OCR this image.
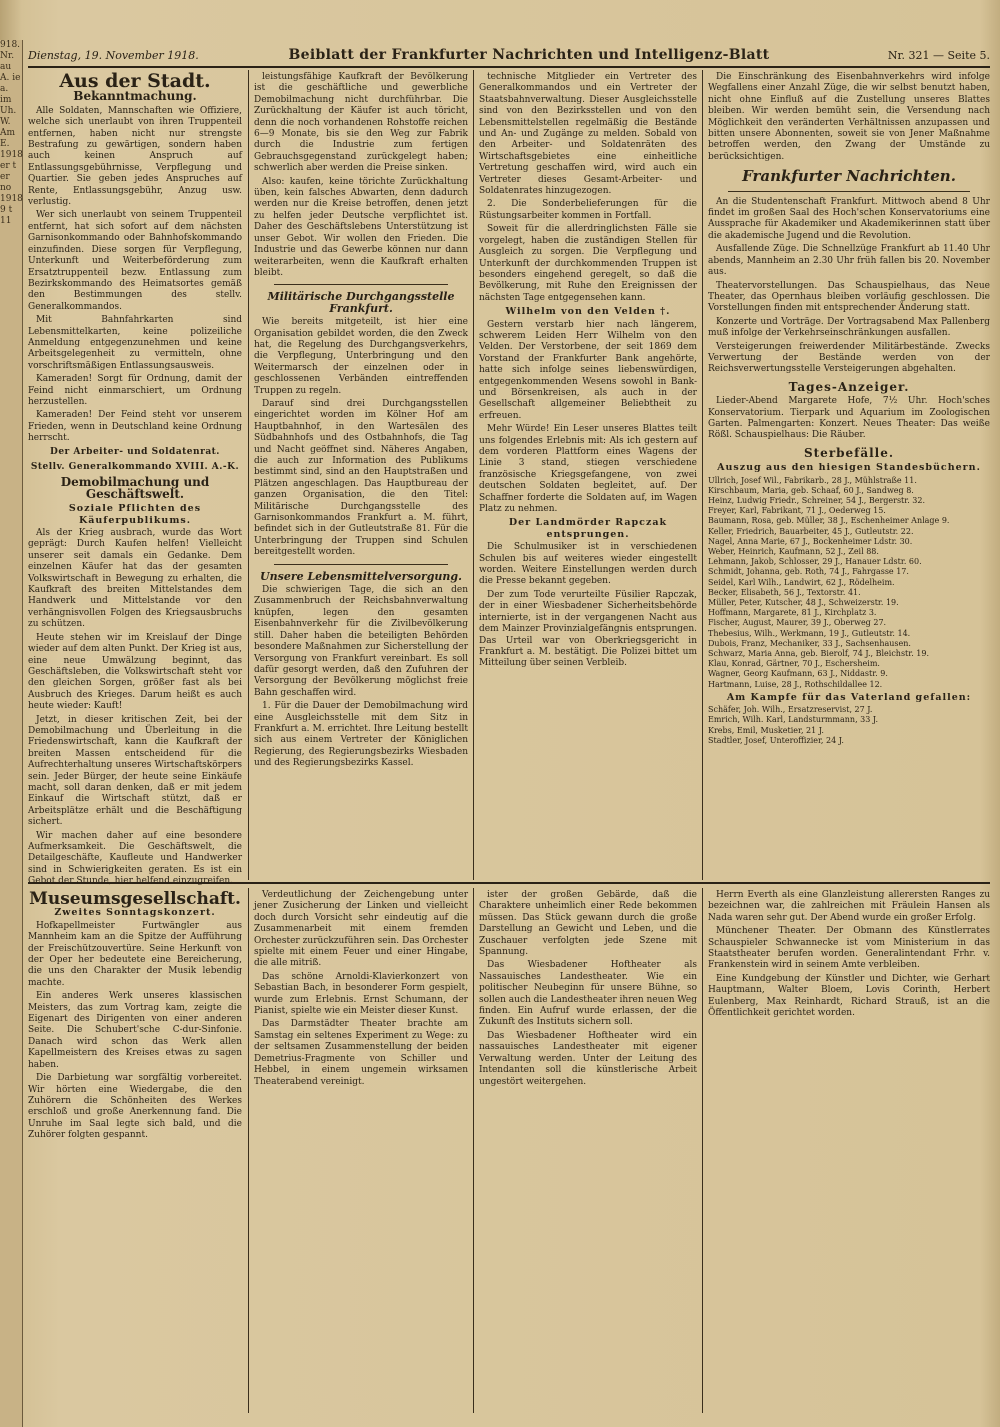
918. Nr. au A. ie a. im Uh. W. Am E. 1918 er t er no 1918 9 t 11
Dienstag, 19. November 1918.	Beiblatt der Frankfurter Nachrichten und Intelligenz-Blatt	Nr. 321 — Seite 5.
Aus der Stadt.
Bekanntmachung.

Alle Soldaten, Mannschaften wie Offiziere, welche sich unerlaubt von ihren Truppenteil entfernen, haben nicht nur strengste Bestrafung zu gewärtigen, sondern haben auch keinen Anspruch auf Entlassungsgebührnisse, Verpflegung und Quartier. Sie geben jedes Anspruches auf Rente, Entlassungsgebühr, Anzug usw. verlustig.

Wer sich unerlaubt von seinem Truppenteil entfernt, hat sich sofort auf dem nächsten Garnisonkommando oder Bahnhofskommando einzufinden. Diese sorgen für Verpflegung, Unterkunft und Weiterbeförderung zum Ersatztruppenteil bezw. Entlassung zum Bezirkskommando des Heimatsortes gemäß den Bestimmungen des stellv. Generalkommandos.

Mit Bahnfahrkarten sind Lebensmittelkarten, keine polizeiliche Anmeldung entgegenzunehmen und keine Arbeitsgelegenheit zu vermitteln, ohne vorschriftsmäßigen Entlassungsausweis.

Kameraden! Sorgt für Ordnung, damit der Feind nicht einmarschiert, um Ordnung herzustellen.

Kameraden! Der Feind steht vor unserem Frieden, wenn in Deutschland keine Ordnung herrscht.

Der Arbeiter- und Soldatenrat.
Stellv. Generalkommando XVIII. A.-K.
Demobilmachung und Geschäftswelt.
Soziale Pflichten des Käuferpublikums.

Als der Krieg ausbrach, wurde das Wort geprägt: Durch Kaufen helfen! Vielleicht unserer seit damals ein Gedanke. Dem einzelnen Käufer hat das der gesamten Volkswirtschaft in Bewegung zu erhalten, die Kaufkraft des breiten Mittelstandes dem Handwerk und Mittelstande vor den verhängnisvollen Folgen des Kriegsausbruchs zu schützen.

Heute stehen wir im Kreislauf der Dinge wieder auf dem alten Punkt. Der Krieg ist aus, eine neue Umwälzung beginnt, das Geschäftsleben, die Volkswirtschaft steht vor den gleichen Sorgen, größer fast als bei Ausbruch des Krieges. Darum heißt es auch heute wieder: Kauft!

Jetzt, in dieser kritischen Zeit, bei der Demobilmachung und Überleitung in die Friedenswirtschaft, kann die Kaufkraft der breiten Massen entscheidend für die Aufrechterhaltung unseres Wirtschaftskörpers sein. Jeder Bürger, der heute seine Einkäufe macht, soll daran denken, daß er mit jedem Einkauf die Wirtschaft stützt, daß er Arbeitsplätze erhält und die Beschäftigung sichert.

Wir machen daher auf eine besondere Aufmerksamkeit. Die Geschäftswelt, die Detailgeschäfte, Kaufleute und Handwerker sind in Schwierigkeiten geraten. Es ist ein Gebot der Stunde, hier helfend einzugreifen.

leistungsfähige Kaufkraft der Bevölkerung ist die geschäftliche und gewerbliche Demobilmachung nicht durchführbar. Die Zurückhaltung der Käufer ist auch töricht, denn die noch vorhandenen Rohstoffe reichen 6—9 Monate, bis sie den Weg zur Fabrik durch die Industrie zum fertigen Gebrauchsgegenstand zurückgelegt haben; schwerlich aber werden die Preise sinken.

Also: kaufen, keine törichte Zurückhaltung üben, kein falsches Abwarten, denn dadurch werden nur die Kreise betroffen, denen jetzt zu helfen jeder Deutsche verpflichtet ist. Daher des Geschäftslebens Unterstützung ist unser Gebot. Wir wollen den Frieden. Die Industrie und das Gewerbe können nur dann weiterarbeiten, wenn die Kaufkraft erhalten bleibt.

Militärische Durchgangsstelle Frankfurt.

Wie bereits mitgeteilt, ist hier eine Organisation gebildet worden, die den Zweck hat, die Regelung des Durchgangsverkehrs, die Verpflegung, Unterbringung und den Weitermarsch der einzelnen oder in geschlossenen Verbänden eintreffenden Truppen zu regeln.

Darauf sind drei Durchgangsstellen eingerichtet worden im Kölner Hof am Hauptbahnhof, in den Wartesälen des Südbahnhofs und des Ostbahnhofs, die Tag und Nacht geöffnet sind. Näheres Angaben, die auch zur Information des Publikums bestimmt sind, sind an den Hauptstraßen und Plätzen angeschlagen. Das Hauptbureau der ganzen Organisation, die den Titel: Militärische Durchgangsstelle des Garnisonkommandos Frankfurt a. M. führt, befindet sich in der Gutleutstraße 81. Für die Unterbringung der Truppen sind Schulen bereitgestellt worden.

Unsere Lebensmittelversorgung.

Die schwierigen Tage, die sich an den Zusammenbruch der Reichsbahnverwaltung knüpfen, legen den gesamten Eisenbahnverkehr für die Zivilbevölkerung still. Daher haben die beteiligten Behörden besondere Maßnahmen zur Sicherstellung der Versorgung von Frankfurt vereinbart. Es soll dafür gesorgt werden, daß den Zufuhren der Versorgung der Bevölkerung möglichst freie Bahn geschaffen wird.

1. Für die Dauer der Demobilmachung wird eine Ausgleichsstelle mit dem Sitz in Frankfurt a. M. errichtet. Ihre Leitung bestellt sich aus einem Vertreter der Königlichen Regierung, des Regierungsbezirks Wiesbaden und des Regierungsbezirks Kassel.

technische Mitglieder ein Vertreter des Generalkommandos und ein Vertreter der Staatsbahnverwaltung. Dieser Ausgleichsstelle sind von den Bezirksstellen und von den Lebensmittelstellen regelmäßig die Bestände und An- und Zugänge zu melden. Sobald von den Arbeiter- und Soldatenräten des Wirtschaftsgebietes eine einheitliche Vertretung geschaffen wird, wird auch ein Vertreter dieses Gesamt-Arbeiter- und Soldatenrates hinzugezogen.

2. Die Sonderbelieferungen für die Rüstungsarbeiter kommen in Fortfall.

Soweit für die allerdringlichsten Fälle sie vorgelegt, haben die zuständigen Stellen für Ausgleich zu sorgen. Die Verpflegung und Unterkunft der durchkommenden Truppen ist besonders eingehend geregelt, so daß die Bevölkerung, mit Ruhe den Ereignissen der nächsten Tage entgegensehen kann.

Wilhelm von den Velden †.

Gestern verstarb hier nach längerem, schwerem Leiden Herr Wilhelm von den Velden. Der Verstorbene, der seit 1869 dem Vorstand der Frankfurter Bank angehörte, hatte sich infolge seines liebenswürdigen, entgegenkommenden Wesens sowohl in Bank- und Börsenkreisen, als auch in der Gesellschaft allgemeiner Beliebtheit zu erfreuen.

Mehr Würde! Ein Leser unseres Blattes teilt uns folgendes Erlebnis mit: Als ich gestern auf dem vorderen Plattform eines Wagens der Linie 3 stand, stiegen verschiedene französische Kriegsgefangene, von zwei deutschen Soldaten begleitet, auf. Der Schaffner forderte die Soldaten auf, im Wagen Platz zu nehmen.

Der Landmörder Rapczak entsprungen.

Die Schulmusiker ist in verschiedenen Schulen bis auf weiteres wieder eingestellt worden. Weitere Einstellungen werden durch die Presse bekannt gegeben.

Der zum Tode verurteilte Füsilier Rapczak, der in einer Wiesbadener Sicherheitsbehörde internierte, ist in der vergangenen Nacht aus dem Mainzer Provinzialgefängnis entsprungen. Das Urteil war von Oberkriegsgericht in Frankfurt a. M. bestätigt. Die Polizei bittet um Mitteilung über seinen Verbleib.

Die Einschränkung des Eisenbahnverkehrs wird infolge Wegfallens einer Anzahl Züge, die wir selbst benutzt haben, nicht ohne Einfluß auf die Zustellung unseres Blattes bleiben. Wir werden bemüht sein, die Versendung nach Möglichkeit den veränderten Verhältnissen anzupassen und bitten unsere Abonnenten, soweit sie von Jener Maßnahme betroffen werden, den Zwang der Umstände zu berücksichtigen.

Frankfurter Nachrichten.

An die Studentenschaft Frankfurt. Mittwoch abend 8 Uhr findet im großen Saal des Hoch'schen Konservatoriums eine Aussprache für Akademiker und Akademikerinnen statt über die akademische Jugend und die Revolution.

Ausfallende Züge. Die Schnellzüge Frankfurt ab 11.40 Uhr abends, Mannheim an 2.30 Uhr früh fallen bis 20. November aus.

Theatervorstellungen. Das Schauspielhaus, das Neue Theater, das Opernhaus bleiben vorläufig geschlossen. Die Vorstellungen finden mit entsprechender Änderung statt.

Konzerte und Vorträge. Der Vortragsabend Max Pallenberg muß infolge der Verkehrseinschränkungen ausfallen.

Versteigerungen freiwerdender Militärbestände. Zwecks Verwertung der Bestände werden von der Reichsverwertungsstelle Versteigerungen abgehalten.

Tages-Anzeiger.

Lieder-Abend Margarete Hofe, 7½ Uhr. Hoch'sches Konservatorium. Tierpark und Aquarium im Zoologischen Garten. Palmengarten: Konzert. Neues Theater: Das weiße Rößl. Schauspielhaus: Die Räuber.

Sterbefälle.
Auszug aus den hiesigen Standesbüchern.
Ullrich, Josef Wil., Fabrikarb., 28 J., Mühlstraße 11.
Kirschbaum, Maria, geb. Schaaf, 60 J., Sandweg 8.
Heinz, Ludwig Friedr., Schreiner, 54 J., Bergerstr. 32.
Freyer, Karl, Fabrikant, 71 J., Oederweg 15.
Baumann, Rosa, geb. Müller, 38 J., Eschenheimer Anlage 9.
Keller, Friedrich, Bauarbeiter, 45 J., Gutleutstr. 22.
Nagel, Anna Marie, 67 J., Bockenheimer Ldstr. 30.
Weber, Heinrich, Kaufmann, 52 J., Zeil 88.
Lehmann, Jakob, Schlosser, 29 J., Hanauer Ldstr. 60.
Schmidt, Johanna, geb. Roth, 74 J., Fahrgasse 17.
Seidel, Karl Wilh., Landwirt, 62 J., Rödelheim.
Becker, Elisabeth, 56 J., Textorstr. 41.
Müller, Peter, Kutscher, 48 J., Schweizerstr. 19.
Hoffmann, Margarete, 81 J., Kirchplatz 3.
Fischer, August, Maurer, 39 J., Oberweg 27.
Thebesius, Wilh., Werkmann, 19 J., Gutleutstr. 14.
Dubois, Franz, Mechaniker, 33 J., Sachsenhausen.
Schwarz, Maria Anna, geb. Bierolf, 74 J., Bleichstr. 19.
Klau, Konrad, Gärtner, 70 J., Eschersheim.
Wagner, Georg Kaufmann, 63 J., Niddastr. 9.
Hartmann, Luise, 28 J., Rothschildallee 12.
Am Kampfe für das Vaterland gefallen:
Schäfer, Joh. Wilh., Ersatzreservist, 27 J.
Emrich, Wilh. Karl, Landsturmmann, 33 J.
Krebs, Emil, Musketier, 21 J.
Stadtler, Josef, Unteroffizier, 24 J.
Museumsgesellschaft.
Zweites Sonntagskonzert.

Hofkapellmeister Furtwängler aus Mannheim kam an die Spitze der Aufführung der Freischützouvertüre. Seine Herkunft von der Oper her bedeutete eine Bereicherung, die uns den Charakter der Musik lebendig machte.

Ein anderes Werk unseres klassischen Meisters, das zum Vortrag kam, zeigte die Eigenart des Dirigenten von einer anderen Seite. Die Schubert'sche C-dur-Sinfonie. Danach wird schon das Werk allen Kapellmeistern des Kreises etwas zu sagen haben.

Die Darbietung war sorgfältig vorbereitet. Wir hörten eine Wiedergabe, die den Zuhörern die Schönheiten des Werkes erschloß und große Anerkennung fand. Die Unruhe im Saal legte sich bald, und die Zuhörer folgten gespannt.

Verdeutlichung der Zeichengebung unter jener Zusicherung der Linken und vielleicht doch durch Vorsicht sehr eindeutig auf die Zusammenarbeit mit einem fremden Orchester zurückzuführen sein. Das Orchester spielte mit einem Feuer und einer Hingabe, die alle mitriß.

Das schöne Arnoldi-Klavierkonzert von Sebastian Bach, in besonderer Form gespielt, wurde zum Erlebnis. Ernst Schumann, der Pianist, spielte wie ein Meister dieser Kunst.

Das Darmstädter Theater brachte am Samstag ein seltenes Experiment zu Wege: zu der seltsamen Zusammenstellung der beiden Demetrius-Fragmente von Schiller und Hebbel, in einem ungemein wirksamen Theaterabend vereinigt.

ister der großen Gebärde, daß die Charaktere unheimlich einer Rede bekommen müssen. Das Stück gewann durch die große Darstellung an Gewicht und Leben, und die Zuschauer verfolgten jede Szene mit Spannung.

Das Wiesbadener Hoftheater als Nassauisches Landestheater. Wie ein politischer Neubeginn für unsere Bühne, so sollen auch die Landestheater ihren neuen Weg finden. Ein Aufruf wurde erlassen, der die Zukunft des Instituts sichern soll.

Das Wiesbadener Hoftheater wird ein nassauisches Landestheater mit eigener Verwaltung werden. Unter der Leitung des Intendanten soll die künstlerische Arbeit ungestört weitergehen.

Herrn Everth als eine Glanzleistung allerersten Ranges zu bezeichnen war, die zahlreichen mit Fräulein Hansen als Nada waren sehr gut. Der Abend wurde ein großer Erfolg.

Münchener Theater. Der Obmann des Künstlerrates Schauspieler Schwannecke ist vom Ministerium in das Staatstheater berufen worden. Generalintendant Frhr. v. Frankenstein wird in seinem Amte verbleiben.

Eine Kundgebung der Künstler und Dichter, wie Gerhart Hauptmann, Walter Bloem, Lovis Corinth, Herbert Eulenberg, Max Reinhardt, Richard Strauß, ist an die Öffentlichkeit gerichtet worden.
